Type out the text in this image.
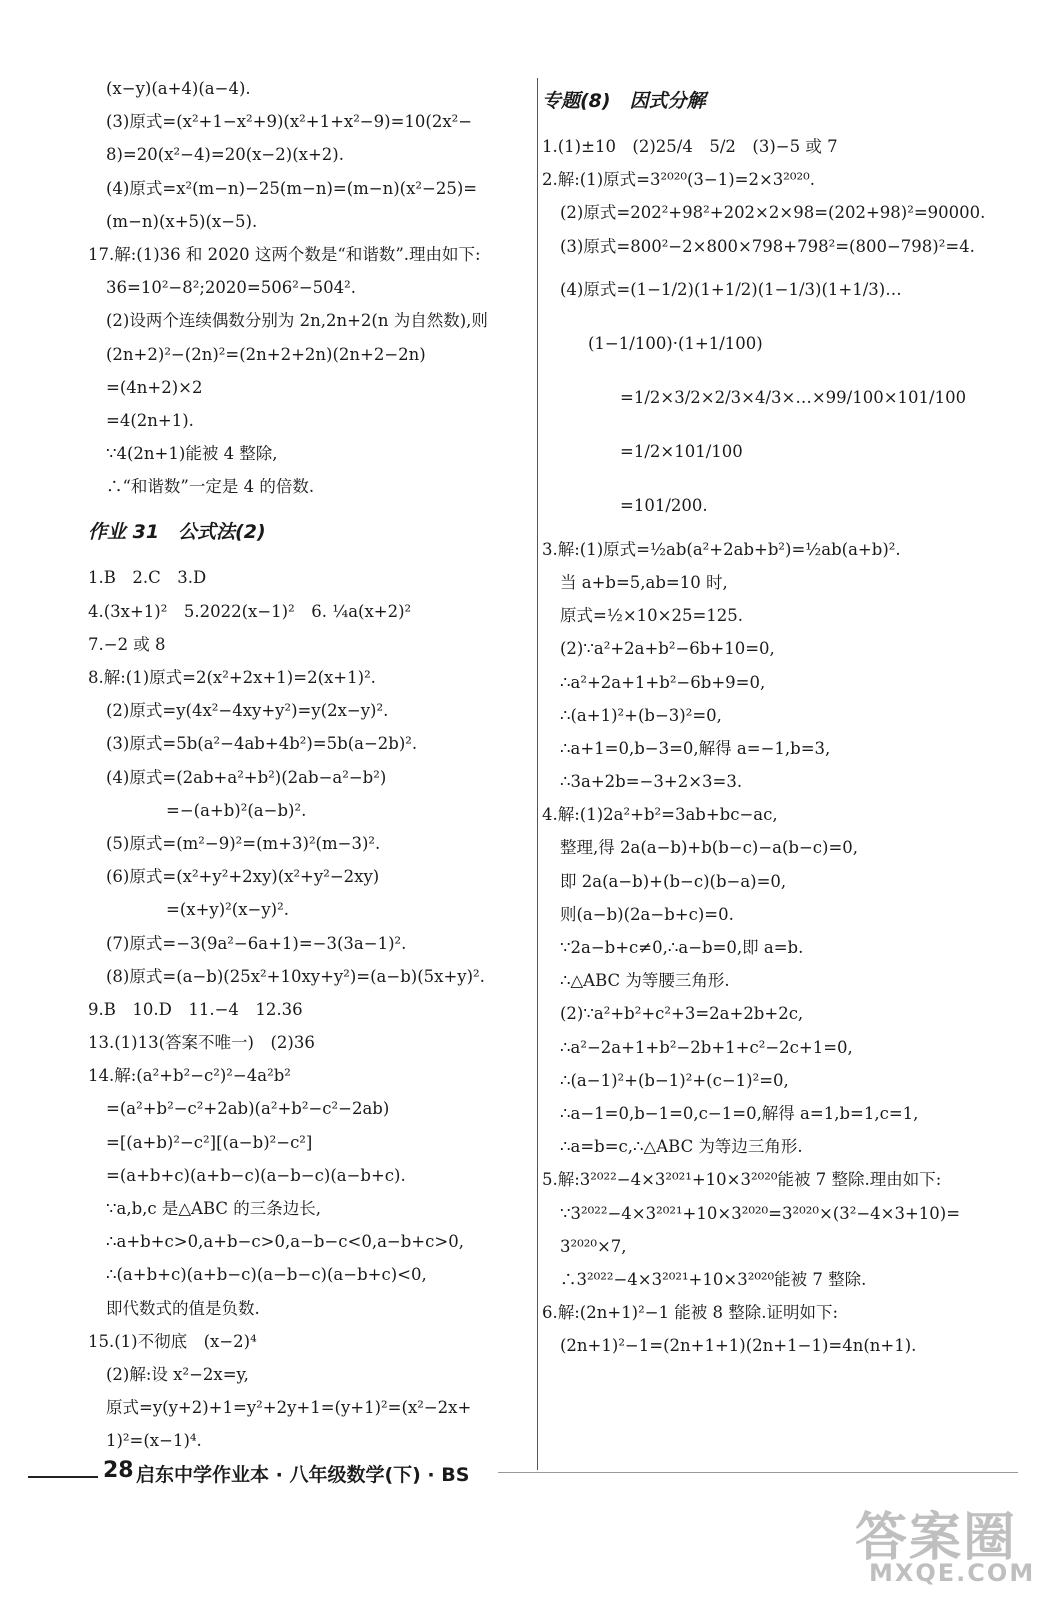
(x−y)(a+4)(a−4).
(3)原式=(x²+1−x²+9)(x²+1+x²−9)=10(2x²−
8)=20(x²−4)=20(x−2)(x+2).
(4)原式=x²(m−n)−25(m−n)=(m−n)(x²−25)=
(m−n)(x+5)(x−5).
17.解:(1)36 和 2020 这两个数是“和谐数”.理由如下:
36=10²−8²;2020=506²−504².
(2)设两个连续偶数分别为 2n,2n+2(n 为自然数),则
(2n+2)²−(2n)²=(2n+2+2n)(2n+2−2n)
=(4n+2)×2
=4(2n+1).
∵4(2n+1)能被 4 整除,
∴“和谐数”一定是 4 的倍数.
作业 31　公式法(2)
1.B　2.C　3.D
4.(3x+1)²　5.2022(x−1)²　6. ¼a(x+2)²
7.−2 或 8
8.解:(1)原式=2(x²+2x+1)=2(x+1)².
(2)原式=y(4x²−4xy+y²)=y(2x−y)².
(3)原式=5b(a²−4ab+4b²)=5b(a−2b)².
(4)原式=(2ab+a²+b²)(2ab−a²−b²)
=−(a+b)²(a−b)².
(5)原式=(m²−9)²=(m+3)²(m−3)².
(6)原式=(x²+y²+2xy)(x²+y²−2xy)
=(x+y)²(x−y)².
(7)原式=−3(9a²−6a+1)=−3(3a−1)².
(8)原式=(a−b)(25x²+10xy+y²)=(a−b)(5x+y)².
9.B　10.D　11.−4　12.36
13.(1)13(答案不唯一)　(2)36
14.解:(a²+b²−c²)²−4a²b²
=(a²+b²−c²+2ab)(a²+b²−c²−2ab)
=[(a+b)²−c²][(a−b)²−c²]
=(a+b+c)(a+b−c)(a−b−c)(a−b+c).
∵a,b,c 是△ABC 的三条边长,
∴a+b+c>0,a+b−c>0,a−b−c<0,a−b+c>0,
∴(a+b+c)(a+b−c)(a−b−c)(a−b+c)<0,
即代数式的值是负数.
15.(1)不彻底　(x−2)⁴
(2)解:设 x²−2x=y,
原式=y(y+2)+1=y²+2y+1=(y+1)²=(x²−2x+
1)²=(x−1)⁴.
专题(8)　因式分解
1.(1)±10　(2)25/4　5/2　(3)−5 或 7
2.解:(1)原式=3²⁰²⁰(3−1)=2×3²⁰²⁰.
(2)原式=202²+98²+202×2×98=(202+98)²=90000.
(3)原式=800²−2×800×798+798²=(800−798)²=4.
(4)原式=(1−1/2)(1+1/2)(1−1/3)(1+1/3)…
(1−1/100)·(1+1/100)
=1/2×3/2×2/3×4/3×…×99/100×101/100
=1/2×101/100
=101/200.
3.解:(1)原式=½ab(a²+2ab+b²)=½ab(a+b)².
当 a+b=5,ab=10 时,
原式=½×10×25=125.
(2)∵a²+2a+b²−6b+10=0,
∴a²+2a+1+b²−6b+9=0,
∴(a+1)²+(b−3)²=0,
∴a+1=0,b−3=0,解得 a=−1,b=3,
∴3a+2b=−3+2×3=3.
4.解:(1)2a²+b²=3ab+bc−ac,
整理,得 2a(a−b)+b(b−c)−a(b−c)=0,
即 2a(a−b)+(b−c)(b−a)=0,
则(a−b)(2a−b+c)=0.
∵2a−b+c≠0,∴a−b=0,即 a=b.
∴△ABC 为等腰三角形.
(2)∵a²+b²+c²+3=2a+2b+2c,
∴a²−2a+1+b²−2b+1+c²−2c+1=0,
∴(a−1)²+(b−1)²+(c−1)²=0,
∴a−1=0,b−1=0,c−1=0,解得 a=1,b=1,c=1,
∴a=b=c,∴△ABC 为等边三角形.
5.解:3²⁰²²−4×3²⁰²¹+10×3²⁰²⁰能被 7 整除.理由如下:
∵3²⁰²²−4×3²⁰²¹+10×3²⁰²⁰=3²⁰²⁰×(3²−4×3+10)=
3²⁰²⁰×7,
∴3²⁰²²−4×3²⁰²¹+10×3²⁰²⁰能被 7 整除.
6.解:(2n+1)²−1 能被 8 整除.证明如下:
(2n+1)²−1=(2n+1+1)(2n+1−1)=4n(n+1).
28 启东中学作业本 · 八年级数学(下) · BS
答案圈
MXQE.COM
